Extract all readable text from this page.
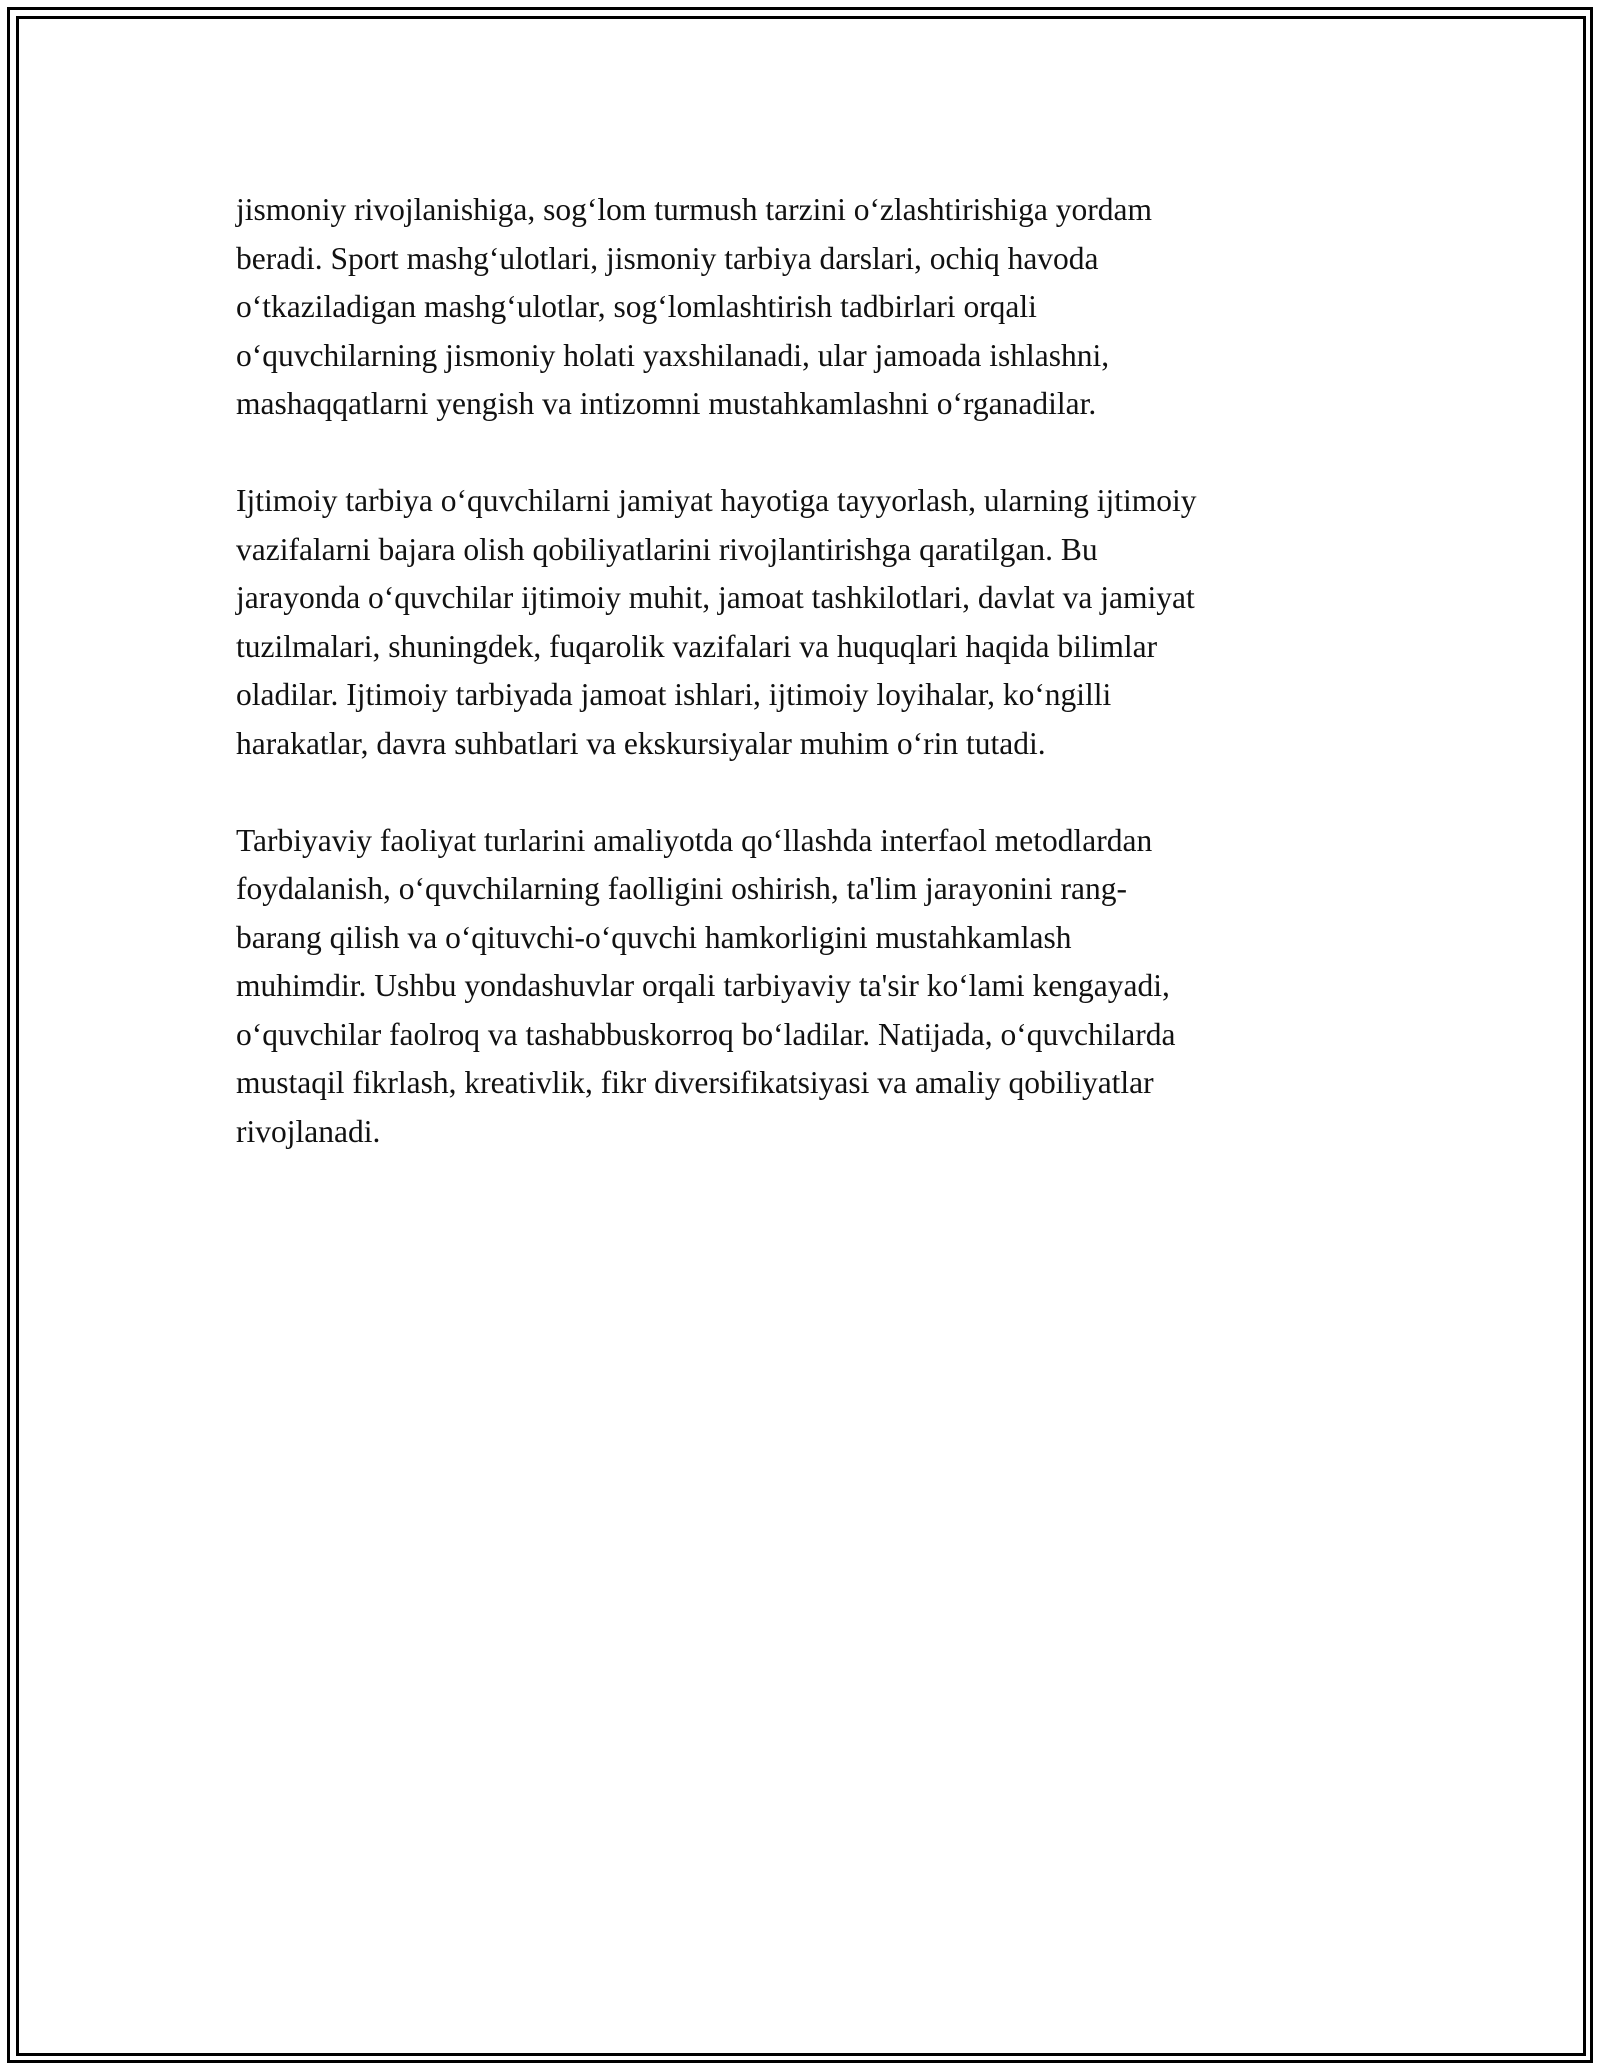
jismoniy rivojlanishiga, sog‘lom turmush tarzini o‘zlashtirishiga yordam
beradi. Sport mashg‘ulotlari, jismoniy tarbiya darslari, ochiq havoda
o‘tkaziladigan mashg‘ulotlar, sog‘lomlashtirish tadbirlari orqali
o‘quvchilarning jismoniy holati yaxshilanadi, ular jamoada ishlashni,
mashaqqatlarni yengish va intizomni mustahkamlashni o‘rganadilar.

Ijtimoiy tarbiya o‘quvchilarni jamiyat hayotiga tayyorlash, ularning ijtimoiy
vazifalarni bajara olish qobiliyatlarini rivojlantirishga qaratilgan. Bu
jarayonda o‘quvchilar ijtimoiy muhit, jamoat tashkilotlari, davlat va jamiyat
tuzilmalari, shuningdek, fuqarolik vazifalari va huquqlari haqida bilimlar
oladilar. Ijtimoiy tarbiyada jamoat ishlari, ijtimoiy loyihalar, ko‘ngilli
harakatlar, davra suhbatlari va ekskursiyalar muhim o‘rin tutadi.

Tarbiyaviy faoliyat turlarini amaliyotda qo‘llashda interfaol metodlardan
foydalanish, o‘quvchilarning faolligini oshirish, ta'lim jarayonini rang-
barang qilish va o‘qituvchi-o‘quvchi hamkorligini mustahkamlash
muhimdir. Ushbu yondashuvlar orqali tarbiyaviy ta'sir ko‘lami kengayadi,
o‘quvchilar faolroq va tashabbuskorroq bo‘ladilar. Natijada, o‘quvchilarda
mustaqil fikrlash, kreativlik, fikr diversifikatsiyasi va amaliy qobiliyatlar
rivojlanadi.
